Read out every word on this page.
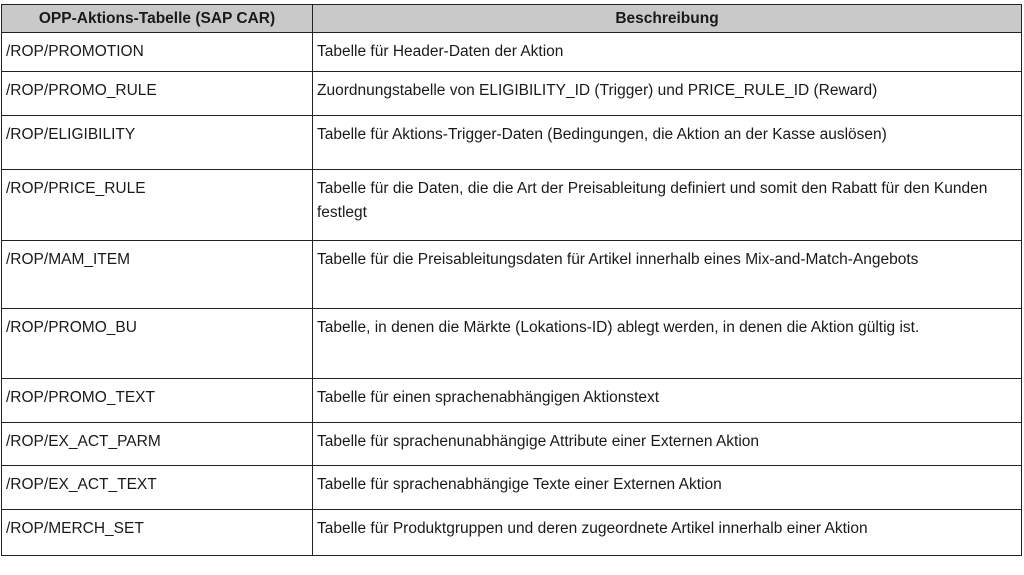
OPP-Aktions-Tabelle (SAP CAR)	Beschreibung
/ROP/PROMOTION	Tabelle für Header-Daten der Aktion
/ROP/PROMO_RULE	Zuordnungstabelle von ELIGIBILITY_ID (Trigger) und PRICE_RULE_ID (Reward)
/ROP/ELIGIBILITY	Tabelle für Aktions-Trigger-Daten (Bedingungen, die Aktion an der Kasse auslösen)
/ROP/PRICE_RULE	Tabelle für die Daten, die die Art der Preisableitung definiert und somit den Rabatt für den Kunden festlegt
/ROP/MAM_ITEM	Tabelle für die Preisableitungsdaten für Artikel innerhalb eines Mix-and-Match-Angebots
/ROP/PROMO_BU	Tabelle, in denen die Märkte (Lokations-ID) ablegt werden, in denen die Aktion gültig ist.
/ROP/PROMO_TEXT	Tabelle für einen sprachenabhängigen Aktionstext
/ROP/EX_ACT_PARM	Tabelle für sprachenunabhängige Attribute einer Externen Aktion
/ROP/EX_ACT_TEXT	Tabelle für sprachenabhängige Texte einer Externen Aktion
/ROP/MERCH_SET	Tabelle für Produktgruppen und deren zugeordnete Artikel innerhalb einer Aktion
